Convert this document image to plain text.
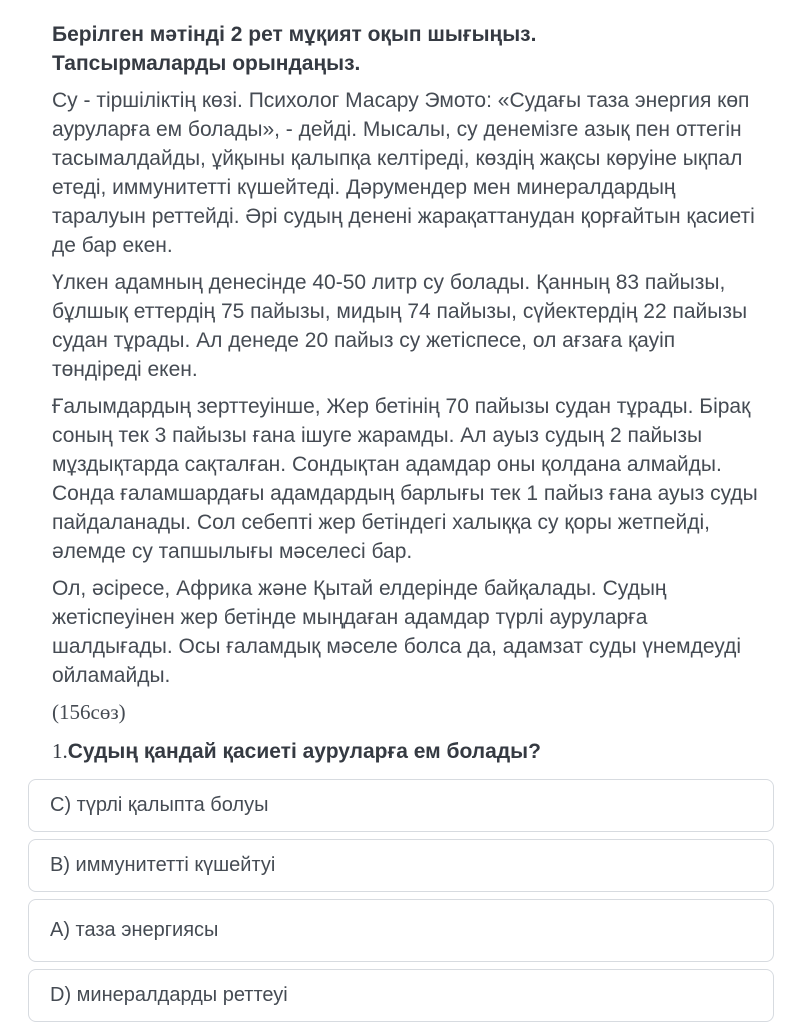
Берілген мәтінді 2 рет мұқият оқып шығыңыз.
Тапсырмаларды орындаңыз.

Су - тіршіліктің көзі. Психолог Масару Эмото: «Судағы таза энергия көп ауруларға ем болады», - дейді. Мысалы, су денемізге азық пен оттегін тасымалдайды, ұйқыны қалыпқа келтіреді, көздің жақсы көруіне ықпал етеді, иммунитетті күшейтеді. Дәрумендер мен минералдардың таралуын реттейді. Әрі судың денені жарақаттанудан қорғайтын қасиеті де бар екен.

Үлкен адамның денесінде 40-50 литр су болады. Қанның 83 пайызы, бұлшық еттердің 75 пайызы, мидың 74 пайызы, сүйектердің 22 пайызы судан тұрады. Ал денеде 20 пайыз су жетіспесе, ол ағзаға қауіп төндіреді екен.

Ғалымдардың зерттеуінше, Жер бетінің 70 пайызы судан тұрады. Бірақ соның тек 3 пайызы ғана ішуге жарамды. Ал ауыз судың 2 пайызы мұздықтарда сақталған. Сондықтан адамдар оны қолдана алмайды. Сонда ғаламшардағы адамдардың барлығы тек 1 пайыз ғана ауыз суды пайдаланады. Сол себепті жер бетіндегі халыққа су қоры жетпейді, әлемде су тапшылығы мәселесі бар.

Ол, әсіресе, Африка және Қытай елдерінде байқалады. Судың жетіспеуінен жер бетінде мыңдаған адамдар түрлі ауруларға шалдығады. Осы ғаламдық мәселе болса да, адамзат суды үнемдеуді ойламайды.

(156сөз)
1.Судың қандай қасиеті ауруларға ем болады?
C) түрлі қалыпта болуы
B) иммунитетті күшейтуі
A) таза энергиясы
D) минералдарды реттеуі
